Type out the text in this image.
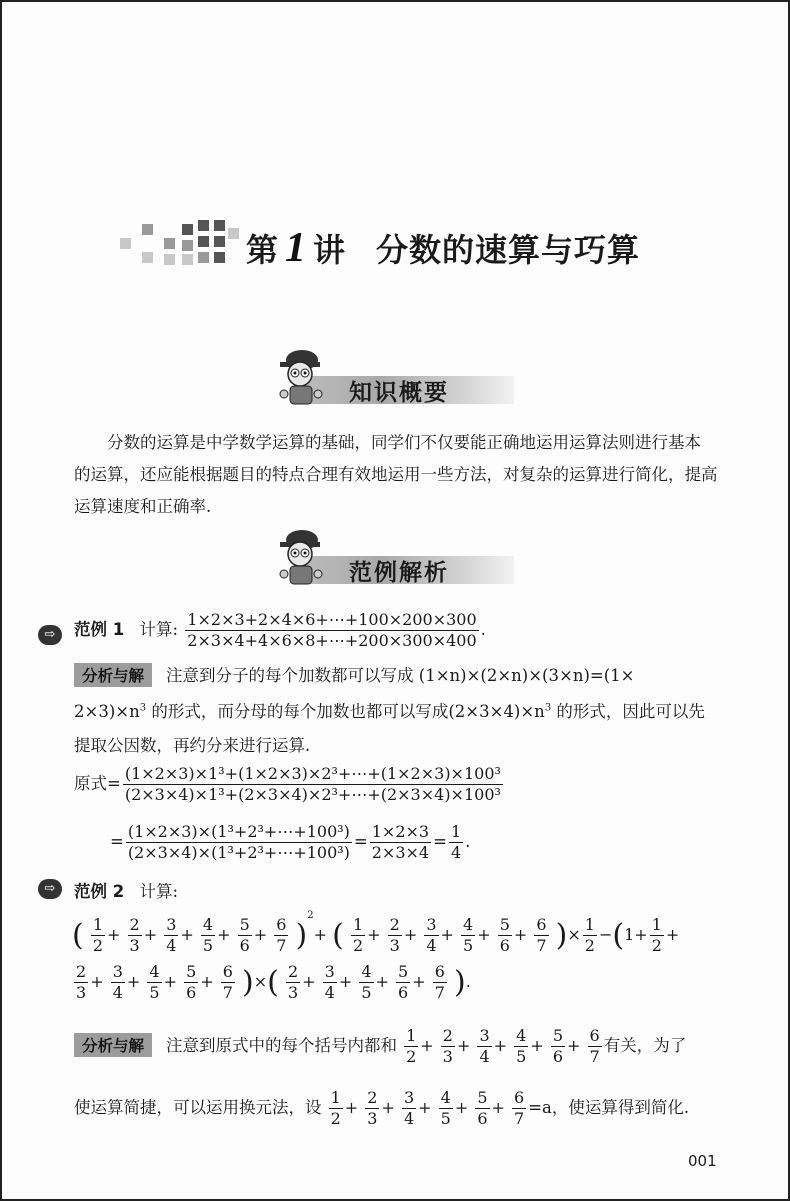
第 1 讲 分数的速算与巧算
知识概要
分数的运算是中学数学运算的基础，同学们不仅要能正确地运用运算法则进行基本
的运算，还应能根据题目的特点合理有效地运用一些方法，对复杂的运算进行简化，提高
运算速度和正确率.
范例解析
⇨	范例 1 计算: $\frac{1\times 2\times 3+2\times 4\times 6+\cdots+100\times 200\times 300}{2\times 3\times 4+4\times 6\times 8+\cdots+200\times 300\times 400}$ .
分析与解 注意到分子的每个加数都可以写成 (1×n)×(2×n)×(3×n)=(1×
$2\times 3)\times n^3$ 的形式，而分母的每个加数也都可以写成$(2\times 3\times 4)\times n^3$ 的形式，因此可以先
提取公因数，再约分来进行运算.
原式= $\frac{\text{(1×2×3)×1³+(1×2×3)×2³+⋯+(1×2×3)×100³}}{\text{(2×3×4)×1³+(2×3×4)×2³+⋯+(2×3×4)×100³}}$
= $\frac{\text{(1×2×3)×(1³+2³+⋯+100³)}}{\text{(2×3×4)×(1³+2³+⋯+100³)}} = \frac{1\times 2\times 3}{2\times 3\times 4} = \frac{1}{4}$ .
⇨	范例 2 计算:
( $\frac{1}{2} + \frac{2}{3} + \frac{3}{4} + \frac{4}{5} + \frac{5}{6} + \frac{6}{7} )^2+$ ( $\frac{1}{2} + \frac{2}{3} + \frac{3}{4} + \frac{4}{5} + \frac{5}{6} + \frac{6}{7}$ )× $\frac{1}{2} -(1+ \frac{1}{2}$ +
$\frac{2}{3} + \frac{3}{4} + \frac{4}{5} + \frac{5}{6} + \frac{6}{7}$ )×( $\frac{2}{3} + \frac{3}{4} + \frac{4}{5} + \frac{5}{6} + \frac{6}{7}$ ).
分析与解 注意到原式中的每个括号内都和 $\frac{1}{2} + \frac{2}{3} + \frac{3}{4} + \frac{4}{5} + \frac{5}{6} + \frac{6}{7}$ 有关，为了
使运算简捷，可以运用换元法，设 $\frac{1}{2} + \frac{2}{3} + \frac{3}{4} + \frac{4}{5} + \frac{5}{6} + \frac{6}{7} =a$，使运算得到简化.
001
